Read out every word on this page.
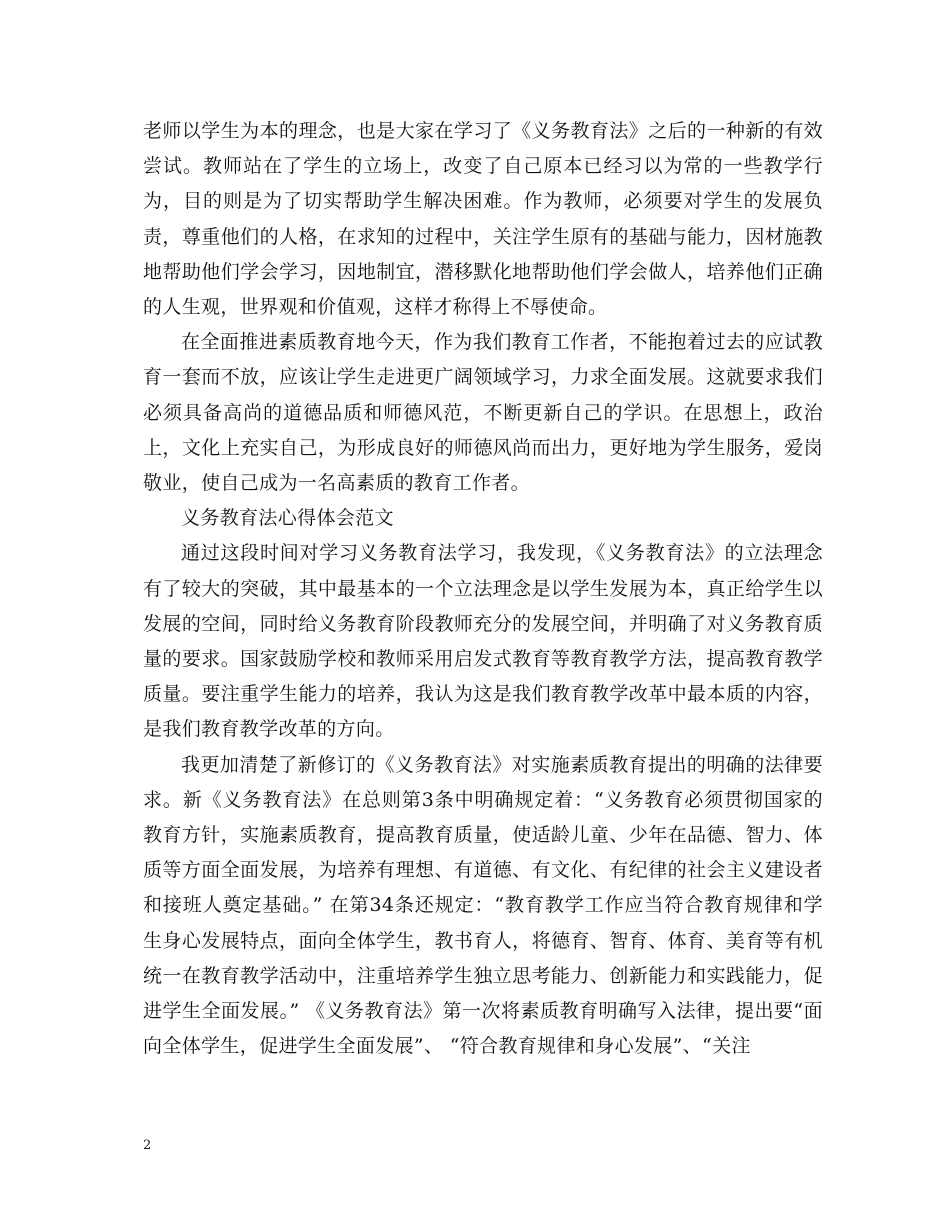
老师以学生为本的理念，也是大家在学习了《义务教育法》之后的一种新的有效尝试。教师站在了学生的立场上，改变了自己原本已经习以为常的一些教学行为，目的则是为了切实帮助学生解决困难。作为教师，必须要对学生的发展负责，尊重他们的人格，在求知的过程中，关注学生原有的基础与能力，因材施教地帮助他们学会学习，因地制宜，潜移默化地帮助他们学会做人，培养他们正确的人生观，世界观和价值观，这样才称得上不辱使命。

在全面推进素质教育地今天，作为我们教育工作者，不能抱着过去的应试教育一套而不放，应该让学生走进更广阔领域学习，力求全面发展。这就要求我们必须具备高尚的道德品质和师德风范，不断更新自己的学识。在思想上，政治上，文化上充实自己，为形成良好的师德风尚而出力，更好地为学生服务，爱岗敬业，使自己成为一名高素质的教育工作者。

义务教育法心得体会范文

通过这段时间对学习义务教育法学习，我发现，《义务教育法》的立法理念有了较大的突破，其中最基本的一个立法理念是以学生发展为本，真正给学生以发展的空间，同时给义务教育阶段教师充分的发展空间，并明确了对义务教育质量的要求。国家鼓励学校和教师采用启发式教育等教育教学方法，提高教育教学质量。要注重学生能力的培养，我认为这是我们教育教学改革中最本质的内容，是我们教育教学改革的方向。

我更加清楚了新修订的《义务教育法》对实施素质教育提出的明确的法律要求。新《义务教育法》在总则第3条中明确规定着：“义务教育必须贯彻国家的教育方针，实施素质教育，提高教育质量，使适龄儿童、少年在品德、智力、体质等方面全面发展，为培养有理想、有道德、有文化、有纪律的社会主义建设者和接班人奠定基础。” 在第34条还规定：“教育教学工作应当符合教育规律和学生身心发展特点，面向全体学生，教书育人，将德育、智育、体育、美育等有机统一在教育教学活动中，注重培养学生独立思考能力、创新能力和实践能力，促进学生全面发展。” 《义务教育法》第一次将素质教育明确写入法律，提出要“面向全体学生，促进学生全面发展”、 “符合教育规律和身心发展”、“关注

2
